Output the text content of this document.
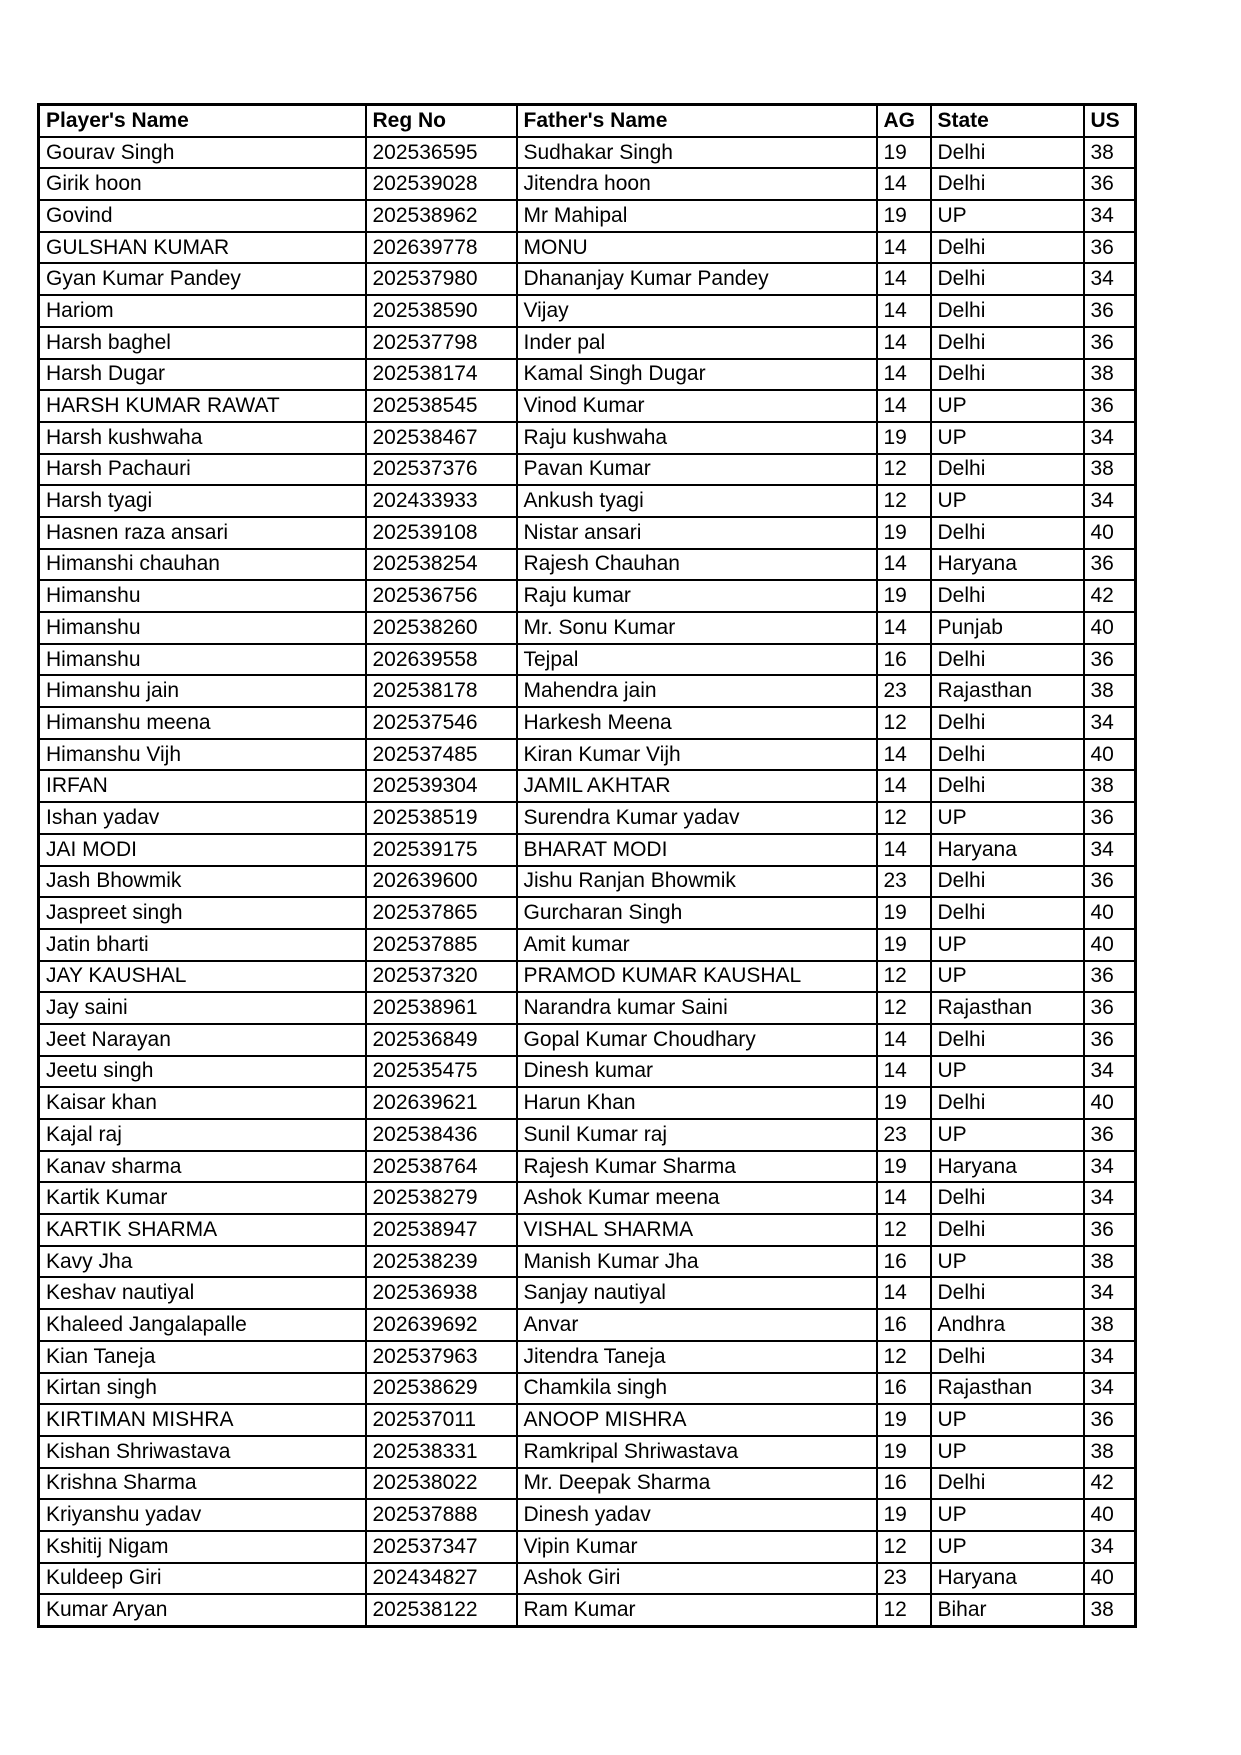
Player's Name	Reg No	Father's Name	AG	State	US
Gourav Singh	202536595	Sudhakar Singh	19	Delhi	38
Girik hoon	202539028	Jitendra hoon	14	Delhi	36
Govind	202538962	Mr Mahipal	19	UP	34
GULSHAN KUMAR	202639778	MONU	14	Delhi	36
Gyan Kumar Pandey	202537980	Dhananjay Kumar Pandey	14	Delhi	34
Hariom	202538590	Vijay	14	Delhi	36
Harsh baghel	202537798	Inder pal	14	Delhi	36
Harsh Dugar	202538174	Kamal Singh Dugar	14	Delhi	38
HARSH KUMAR RAWAT	202538545	Vinod Kumar	14	UP	36
Harsh kushwaha	202538467	Raju kushwaha	19	UP	34
Harsh Pachauri	202537376	Pavan Kumar	12	Delhi	38
Harsh tyagi	202433933	Ankush tyagi	12	UP	34
Hasnen raza ansari	202539108	Nistar ansari	19	Delhi	40
Himanshi chauhan	202538254	Rajesh Chauhan	14	Haryana	36
Himanshu	202536756	Raju kumar	19	Delhi	42
Himanshu	202538260	Mr. Sonu Kumar	14	Punjab	40
Himanshu	202639558	Tejpal	16	Delhi	36
Himanshu jain	202538178	Mahendra jain	23	Rajasthan	38
Himanshu meena	202537546	Harkesh Meena	12	Delhi	34
Himanshu Vijh	202537485	Kiran Kumar Vijh	14	Delhi	40
IRFAN	202539304	JAMIL AKHTAR	14	Delhi	38
Ishan yadav	202538519	Surendra Kumar yadav	12	UP	36
JAI MODI	202539175	BHARAT MODI	14	Haryana	34
Jash Bhowmik	202639600	Jishu Ranjan Bhowmik	23	Delhi	36
Jaspreet singh	202537865	Gurcharan Singh	19	Delhi	40
Jatin bharti	202537885	Amit kumar	19	UP	40
JAY KAUSHAL	202537320	PRAMOD KUMAR KAUSHAL	12	UP	36
Jay saini	202538961	Narandra kumar Saini	12	Rajasthan	36
Jeet Narayan	202536849	Gopal Kumar Choudhary	14	Delhi	36
Jeetu singh	202535475	Dinesh kumar	14	UP	34
Kaisar khan	202639621	Harun Khan	19	Delhi	40
Kajal raj	202538436	Sunil Kumar raj	23	UP	36
Kanav sharma	202538764	Rajesh Kumar Sharma	19	Haryana	34
Kartik Kumar	202538279	Ashok Kumar meena	14	Delhi	34
KARTIK SHARMA	202538947	VISHAL SHARMA	12	Delhi	36
Kavy Jha	202538239	Manish Kumar Jha	16	UP	38
Keshav nautiyal	202536938	Sanjay nautiyal	14	Delhi	34
Khaleed Jangalapalle	202639692	Anvar	16	Andhra	38
Kian Taneja	202537963	Jitendra Taneja	12	Delhi	34
Kirtan singh	202538629	Chamkila singh	16	Rajasthan	34
KIRTIMAN MISHRA	202537011	ANOOP MISHRA	19	UP	36
Kishan Shriwastava	202538331	Ramkripal Shriwastava	19	UP	38
Krishna Sharma	202538022	Mr. Deepak Sharma	16	Delhi	42
Kriyanshu yadav	202537888	Dinesh yadav	19	UP	40
Kshitij Nigam	202537347	Vipin Kumar	12	UP	34
Kuldeep Giri	202434827	Ashok Giri	23	Haryana	40
Kumar Aryan	202538122	Ram Kumar	12	Bihar	38
